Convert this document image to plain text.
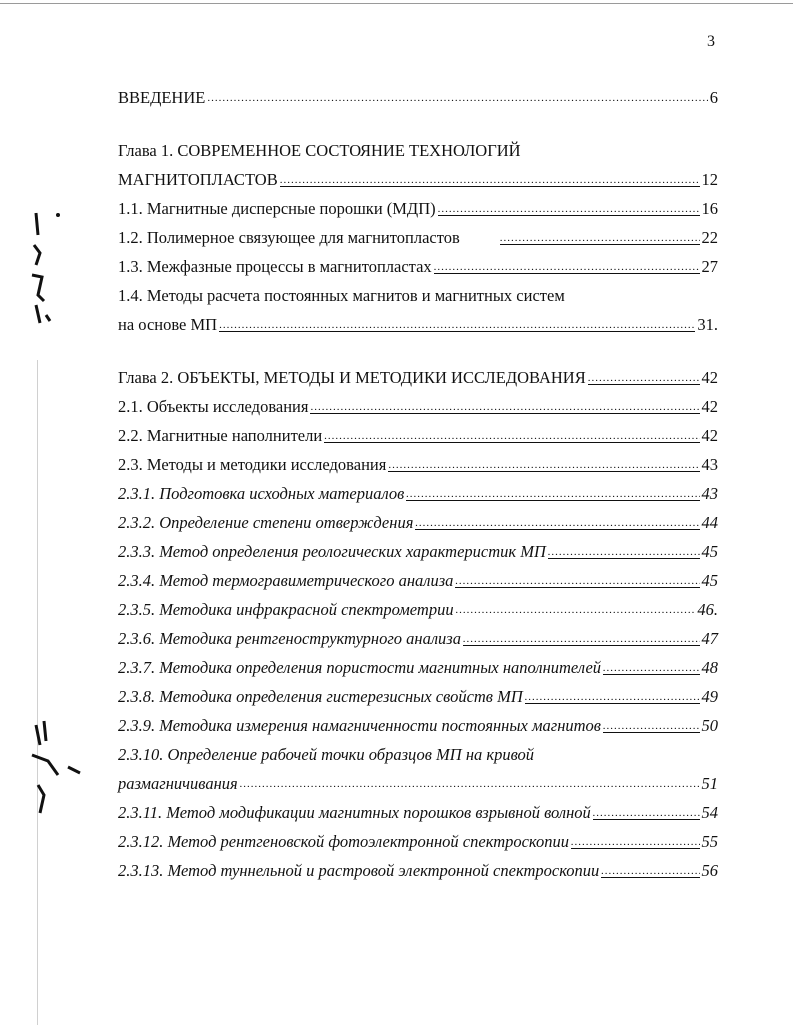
3
ВВЕДЕНИЕ .....	6
Глава 1. СОВРЕМЕННОЕ СОСТОЯНИЕ ТЕХНОЛОГИЙ
МАГНИТОПЛАСТОВ .....	12
1.1. Магнитные дисперсные порошки (МДП) .....	16
1.2. Полимерное связующее для магнитопластов .....	22
1.3. Межфазные процессы в магнитопластах .....	27
1.4. Методы расчета постоянных магнитов и магнитных систем
на основе МП .....	31.
Глава 2. ОБЪЕКТЫ, МЕТОДЫ И МЕТОДИКИ ИССЛЕДОВАНИЯ .....	42
2.1. Объекты исследования .....	42
2.2. Магнитные наполнители .....	42
2.3. Методы и методики исследования .....	43
2.3.1. Подготовка исходных материалов .....	43
2.3.2. Определение степени отверждения .....	44
2.3.3. Метод определения реологических характеристик МП .....	45
2.3.4. Метод термогравиметрического анализа .....	45
2.3.5. Методика инфракрасной спектрометрии .....	46.
2.3.6. Методика рентгеноструктурного анализа .....	47
2.3.7. Методика определения пористости магнитных наполнителей .....	48
2.3.8. Методика определения гистерезисных свойств МП .....	49
2.3.9. Методика измерения намагниченности постоянных магнитов .....	50
2.3.10. Определение рабочей точки образцов МП на кривой
размагничивания .....	51
2.3.11. Метод модификации магнитных порошков взрывной волной .....	54
2.3.12. Метод рентгеновской фотоэлектронной спектроскопии .....	55
2.3.13. Метод туннельной и растровой электронной спектроскопии .....	56
